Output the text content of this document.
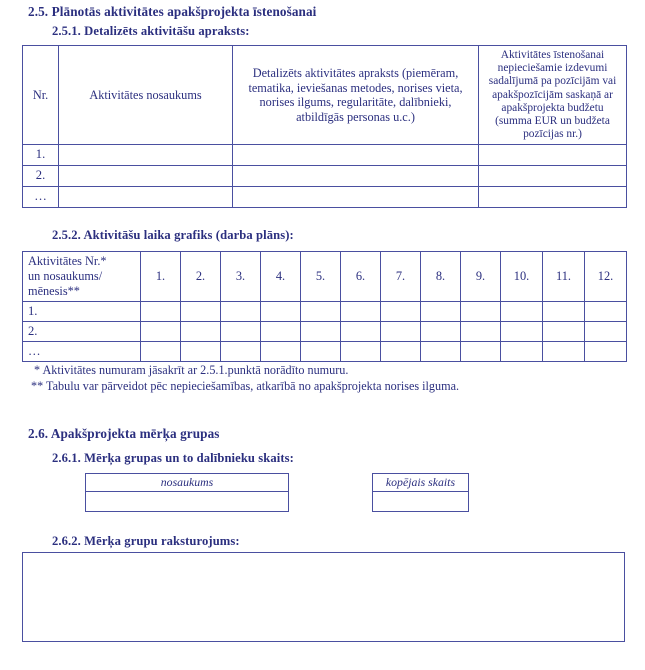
2.5. Plānotās aktivitātes apakšprojekta īstenošanai
2.5.1. Detalizēts aktivitāšu apraksts:
Nr.	Aktivitātes nosaukums	Detalizēts aktivitātes apraksts (piemēram, tematika, ieviešanas metodes, norises vieta, norises ilgums, regularitāte, dalībnieki, atbildīgās personas u.c.)	Aktivitātes īstenošanai nepieciešamie izdevumi sadalījumā pa pozīcijām vai apakšpozīcijām saskaņā ar apakšprojekta budžetu (summa EUR un budžeta pozīcijas nr.)
1.			
2.			
…			
2.5.2. Aktivitāšu laika grafiks (darba plāns):
Aktivitātes Nr.*
un nosaukums/
mēnesis**	1.	2.	3.	4.	5.	6.	7.	8.	9.	10.	11.	12.
1.												
2.												
…												
* Aktivitātes numuram jāsakrīt ar 2.5.1.punktā norādīto numuru.
** Tabulu var pārveidot pēc nepieciešamības, atkarībā no apakšprojekta norises ilguma.
2.6. Apakšprojekta mērķa grupas
2.6.1. Mērķa grupas un to dalībnieku skaits:
nosaukums	kopējais skaits

2.6.2. Mērķa grupu raksturojums:
